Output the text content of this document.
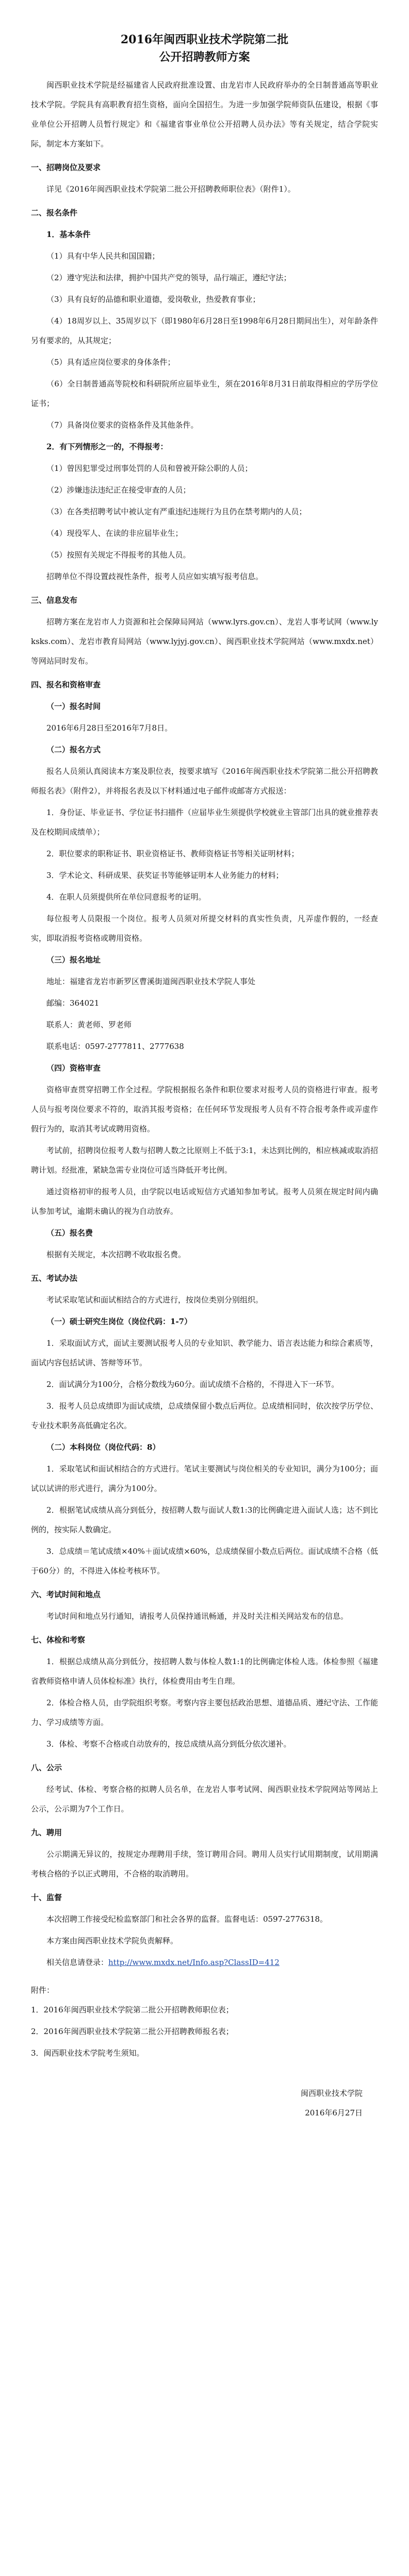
2016年闽西职业技术学院第二批
公开招聘教师方案

闽西职业技术学院是经福建省人民政府批准设置、由龙岩市人民政府举办的全日制普通高等职业技术学院。学院具有高职教育招生资格，面向全国招生。为进一步加强学院师资队伍建设，根据《事业单位公开招聘人员暂行规定》和《福建省事业单位公开招聘人员办法》等有关规定，结合学院实际，制定本方案如下。

一、招聘岗位及要求

详见《2016年闽西职业技术学院第二批公开招聘教师职位表》（附件1）。

二、报名条件
1．基本条件

（1）具有中华人民共和国国籍；

（2）遵守宪法和法律，拥护中国共产党的领导，品行端正，遵纪守法；

（3）具有良好的品德和职业道德，爱岗敬业，热爱教育事业；

（4）18周岁以上、35周岁以下（即1980年6月28日至1998年6月28日期间出生），对年龄条件另有要求的，从其规定；

（5）具有适应岗位要求的身体条件；

（6）全日制普通高等院校和科研院所应届毕业生，须在2016年8月31日前取得相应的学历学位证书；

（7）具备岗位要求的资格条件及其他条件。

2．有下列情形之一的，不得报考：

（1）曾因犯罪受过刑事处罚的人员和曾被开除公职的人员；

（2）涉嫌违法违纪正在接受审查的人员；

（3）在各类招聘考试中被认定有严重违纪违规行为且仍在禁考期内的人员；

（4）现役军人、在读的非应届毕业生；

（5）按照有关规定不得报考的其他人员。

招聘单位不得设置歧视性条件，报考人员应如实填写报考信息。

三、信息发布

招聘方案在龙岩市人力资源和社会保障局网站（www.lyrs.gov.cn）、龙岩人事考试网（www.lyksks.com）、龙岩市教育局网站（www.lyjyj.gov.cn）、闽西职业技术学院网站（www.mxdx.net）等网站同时发布。

四、报名和资格审查
（一）报名时间

2016年6月28日至2016年7月8日。

（二）报名方式

报名人员须认真阅读本方案及职位表，按要求填写《2016年闽西职业技术学院第二批公开招聘教师报名表》（附件2），并将报名表及以下材料通过电子邮件或邮寄方式报送：

1．身份证、毕业证书、学位证书扫描件（应届毕业生须提供学校就业主管部门出具的就业推荐表及在校期间成绩单）；

2．职位要求的职称证书、职业资格证书、教师资格证书等相关证明材料；

3．学术论文、科研成果、获奖证书等能够证明本人业务能力的材料；

4．在职人员须提供所在单位同意报考的证明。

每位报考人员限报一个岗位。报考人员须对所提交材料的真实性负责，凡弄虚作假的，一经查实，即取消报考资格或聘用资格。

（三）报名地址

地址：福建省龙岩市新罗区曹溪街道闽西职业技术学院人事处

邮编：364021

联系人：黄老师、罗老师

联系电话：0597-2777811、2777638

（四）资格审查

资格审查贯穿招聘工作全过程。学院根据报名条件和职位要求对报考人员的资格进行审查。报考人员与报考岗位要求不符的，取消其报考资格；在任何环节发现报考人员有不符合报考条件或弄虚作假行为的，取消其考试或聘用资格。

考试前，招聘岗位报考人数与招聘人数之比原则上不低于3:1，未达到比例的，相应核减或取消招聘计划。经批准，紧缺急需专业岗位可适当降低开考比例。

通过资格初审的报考人员，由学院以电话或短信方式通知参加考试。报考人员须在规定时间内确认参加考试，逾期未确认的视为自动放弃。

（五）报名费

根据有关规定，本次招聘不收取报名费。

五、考试办法

考试采取笔试和面试相结合的方式进行，按岗位类别分别组织。

（一）硕士研究生岗位（岗位代码：1-7）

1．采取面试方式，面试主要测试报考人员的专业知识、教学能力、语言表达能力和综合素质等，面试内容包括试讲、答辩等环节。

2．面试满分为100分，合格分数线为60分。面试成绩不合格的，不得进入下一环节。

3．报考人员总成绩即为面试成绩，总成绩保留小数点后两位。总成绩相同时，依次按学历学位、专业技术职务高低确定名次。

（二）本科岗位（岗位代码：8）

1．采取笔试和面试相结合的方式进行。笔试主要测试与岗位相关的专业知识，满分为100分；面试以试讲的形式进行，满分为100分。

2．根据笔试成绩从高分到低分，按招聘人数与面试人数1:3的比例确定进入面试人选；达不到比例的，按实际人数确定。

3．总成绩＝笔试成绩×40%＋面试成绩×60%，总成绩保留小数点后两位。面试成绩不合格（低于60分）的，不得进入体检考核环节。

六、考试时间和地点

考试时间和地点另行通知，请报考人员保持通讯畅通，并及时关注相关网站发布的信息。

七、体检和考察

1．根据总成绩从高分到低分，按招聘人数与体检人数1:1的比例确定体检人选。体检参照《福建省教师资格申请人员体检标准》执行，体检费用由考生自理。

2．体检合格人员，由学院组织考察。考察内容主要包括政治思想、道德品质、遵纪守法、工作能力、学习成绩等方面。

3．体检、考察不合格或自动放弃的，按总成绩从高分到低分依次递补。

八、公示

经考试、体检、考察合格的拟聘人员名单，在龙岩人事考试网、闽西职业技术学院网站等网站上公示，公示期为7个工作日。

九、聘用

公示期满无异议的，按规定办理聘用手续，签订聘用合同。聘用人员实行试用期制度，试用期满考核合格的予以正式聘用，不合格的取消聘用。

十、监督

本次招聘工作接受纪检监察部门和社会各界的监督。监督电话：0597-2776318。

本方案由闽西职业技术学院负责解释。

相关信息请登录：http://www.mxdx.net/Info.asp?ClassID=412

附件：
1．2016年闽西职业技术学院第二批公开招聘教师职位表；
2．2016年闽西职业技术学院第二批公开招聘教师报名表；
3．闽西职业技术学院考生须知。
闽西职业技术学院
2016年6月27日
